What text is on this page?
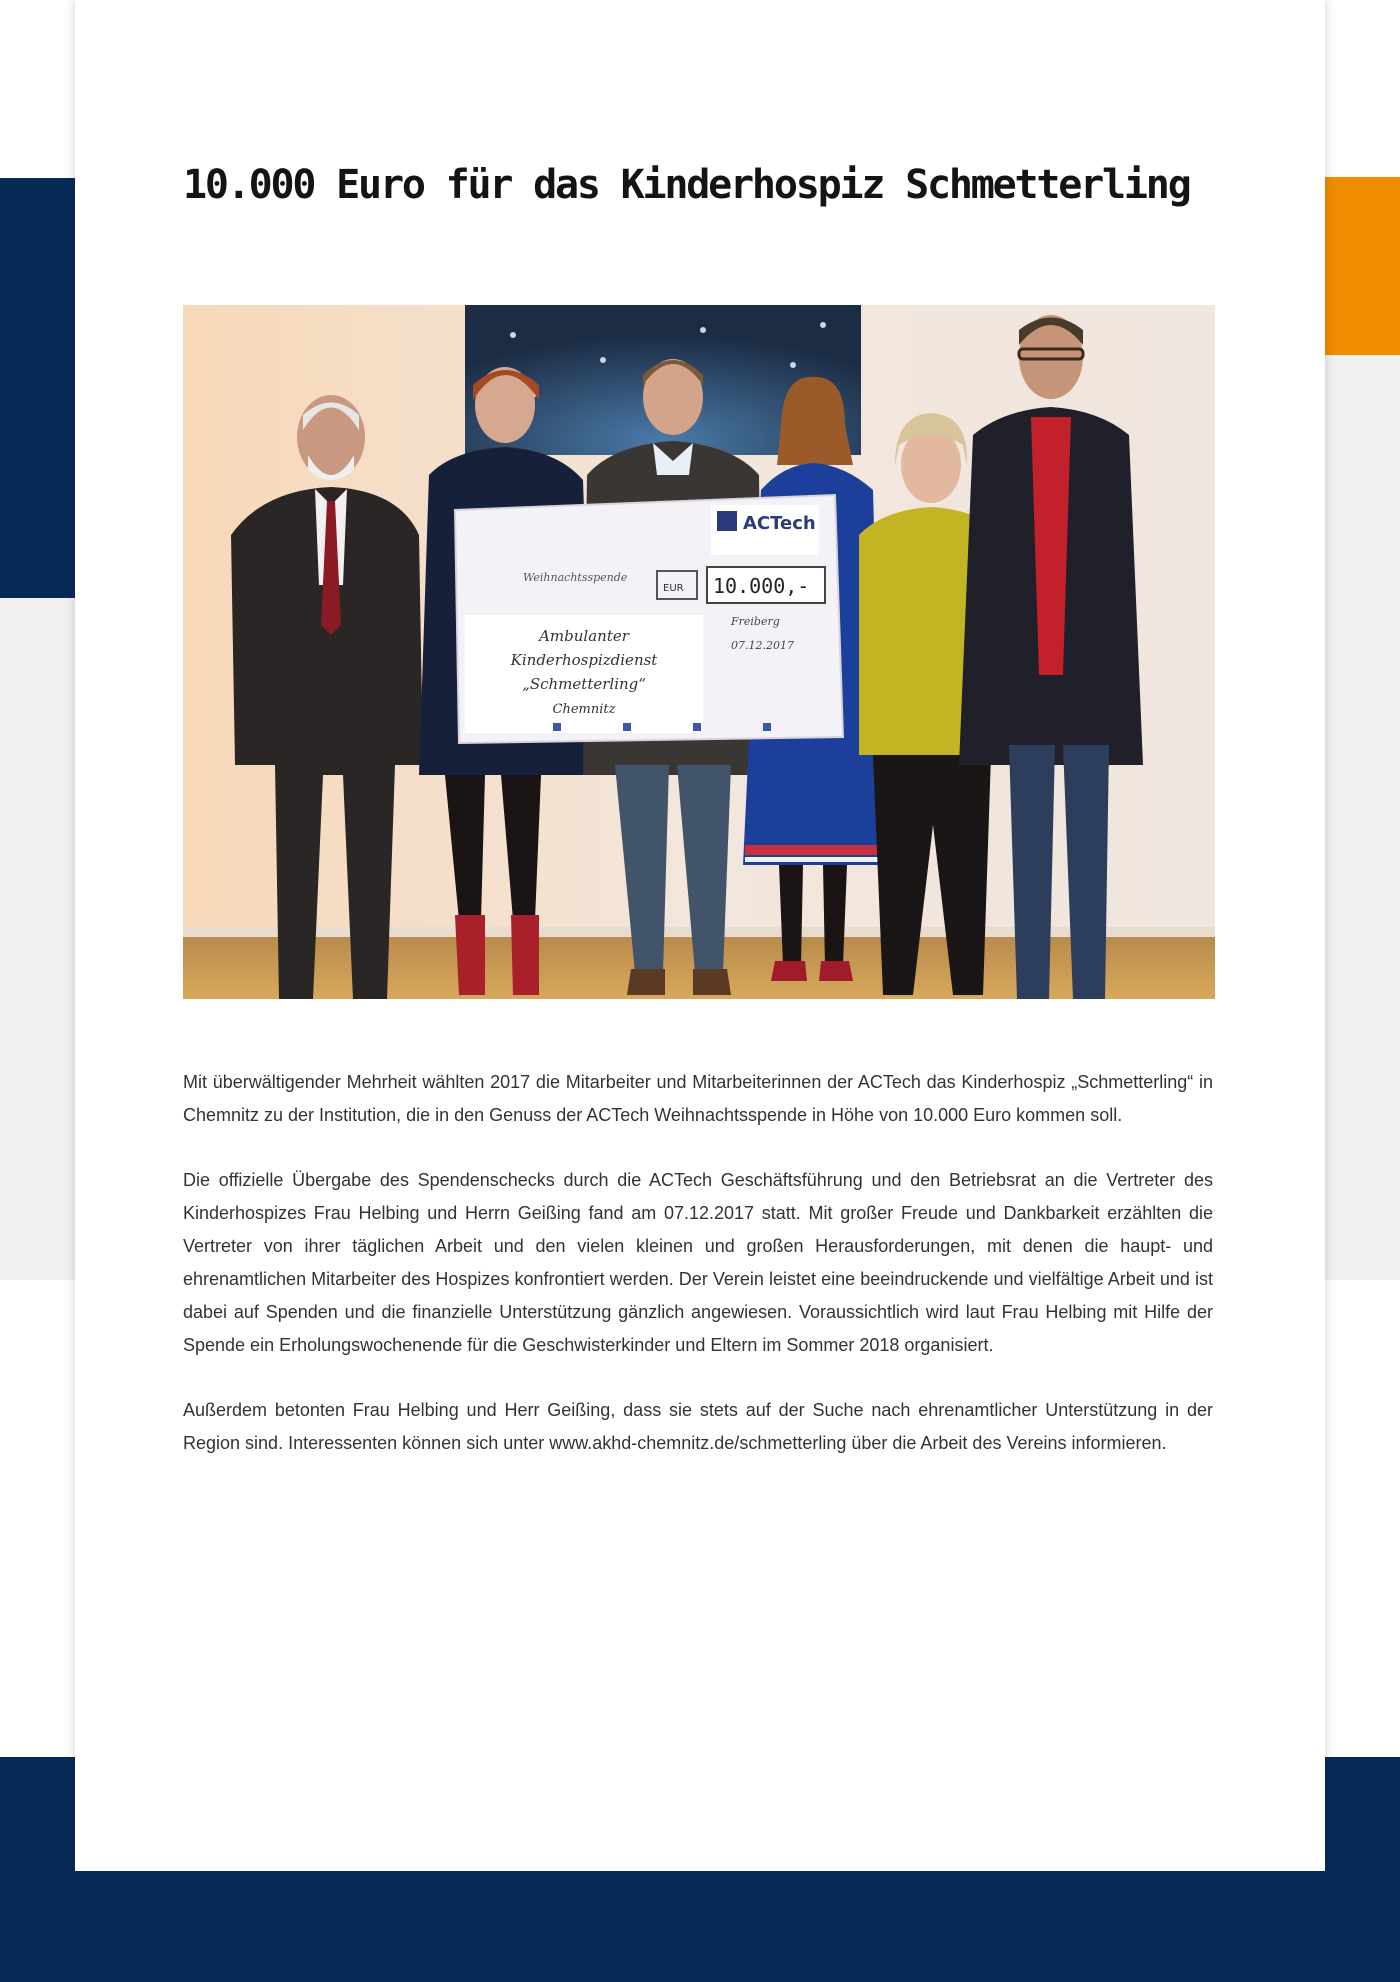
10.000 Euro für das Kinderhospiz Schmetterling
ACTech
EUR 10.000,-
Weihnachtsspende
Ambulanter
Kinderhospizdienst
„Schmetterling“
Chemnitz
Freiberg
07.12.2017

Mit überwältigender Mehrheit wählten 2017 die Mitarbeiter und Mitarbeiterinnen der ACTech das Kinderhospiz „Schmetterling“ in Chemnitz zu der Institution, die in den Genuss der ACTech Weihnachtsspende in Höhe von 10.000 Euro kommen soll.

Die offizielle Übergabe des Spendenschecks durch die ACTech Geschäftsführung und den Betriebsrat an die Vertreter des Kinderhospizes Frau Helbing und Herrn Geißing fand am 07.12.2017 statt. Mit großer Freude und Dankbarkeit erzählten die Vertreter von ihrer täglichen Arbeit und den vielen kleinen und großen Herausforderungen, mit denen die haupt- und ehrenamtlichen Mitarbeiter des Hospizes konfrontiert werden. Der Verein leistet eine beeindruckende und vielfältige Arbeit und ist dabei auf Spenden und die finanzielle Unterstützung gänzlich angewiesen. Voraussichtlich wird laut Frau Helbing mit Hilfe der Spende ein Erholungswochenende für die Geschwisterkinder und Eltern im Sommer 2018 organisiert.

Außerdem betonten Frau Helbing und Herr Geißing, dass sie stets auf der Suche nach ehrenamtlicher Unterstützung in der Region sind. Interessenten können sich unter www.akhd-chemnitz.de/schmetterling über die Arbeit des Vereins informieren.
